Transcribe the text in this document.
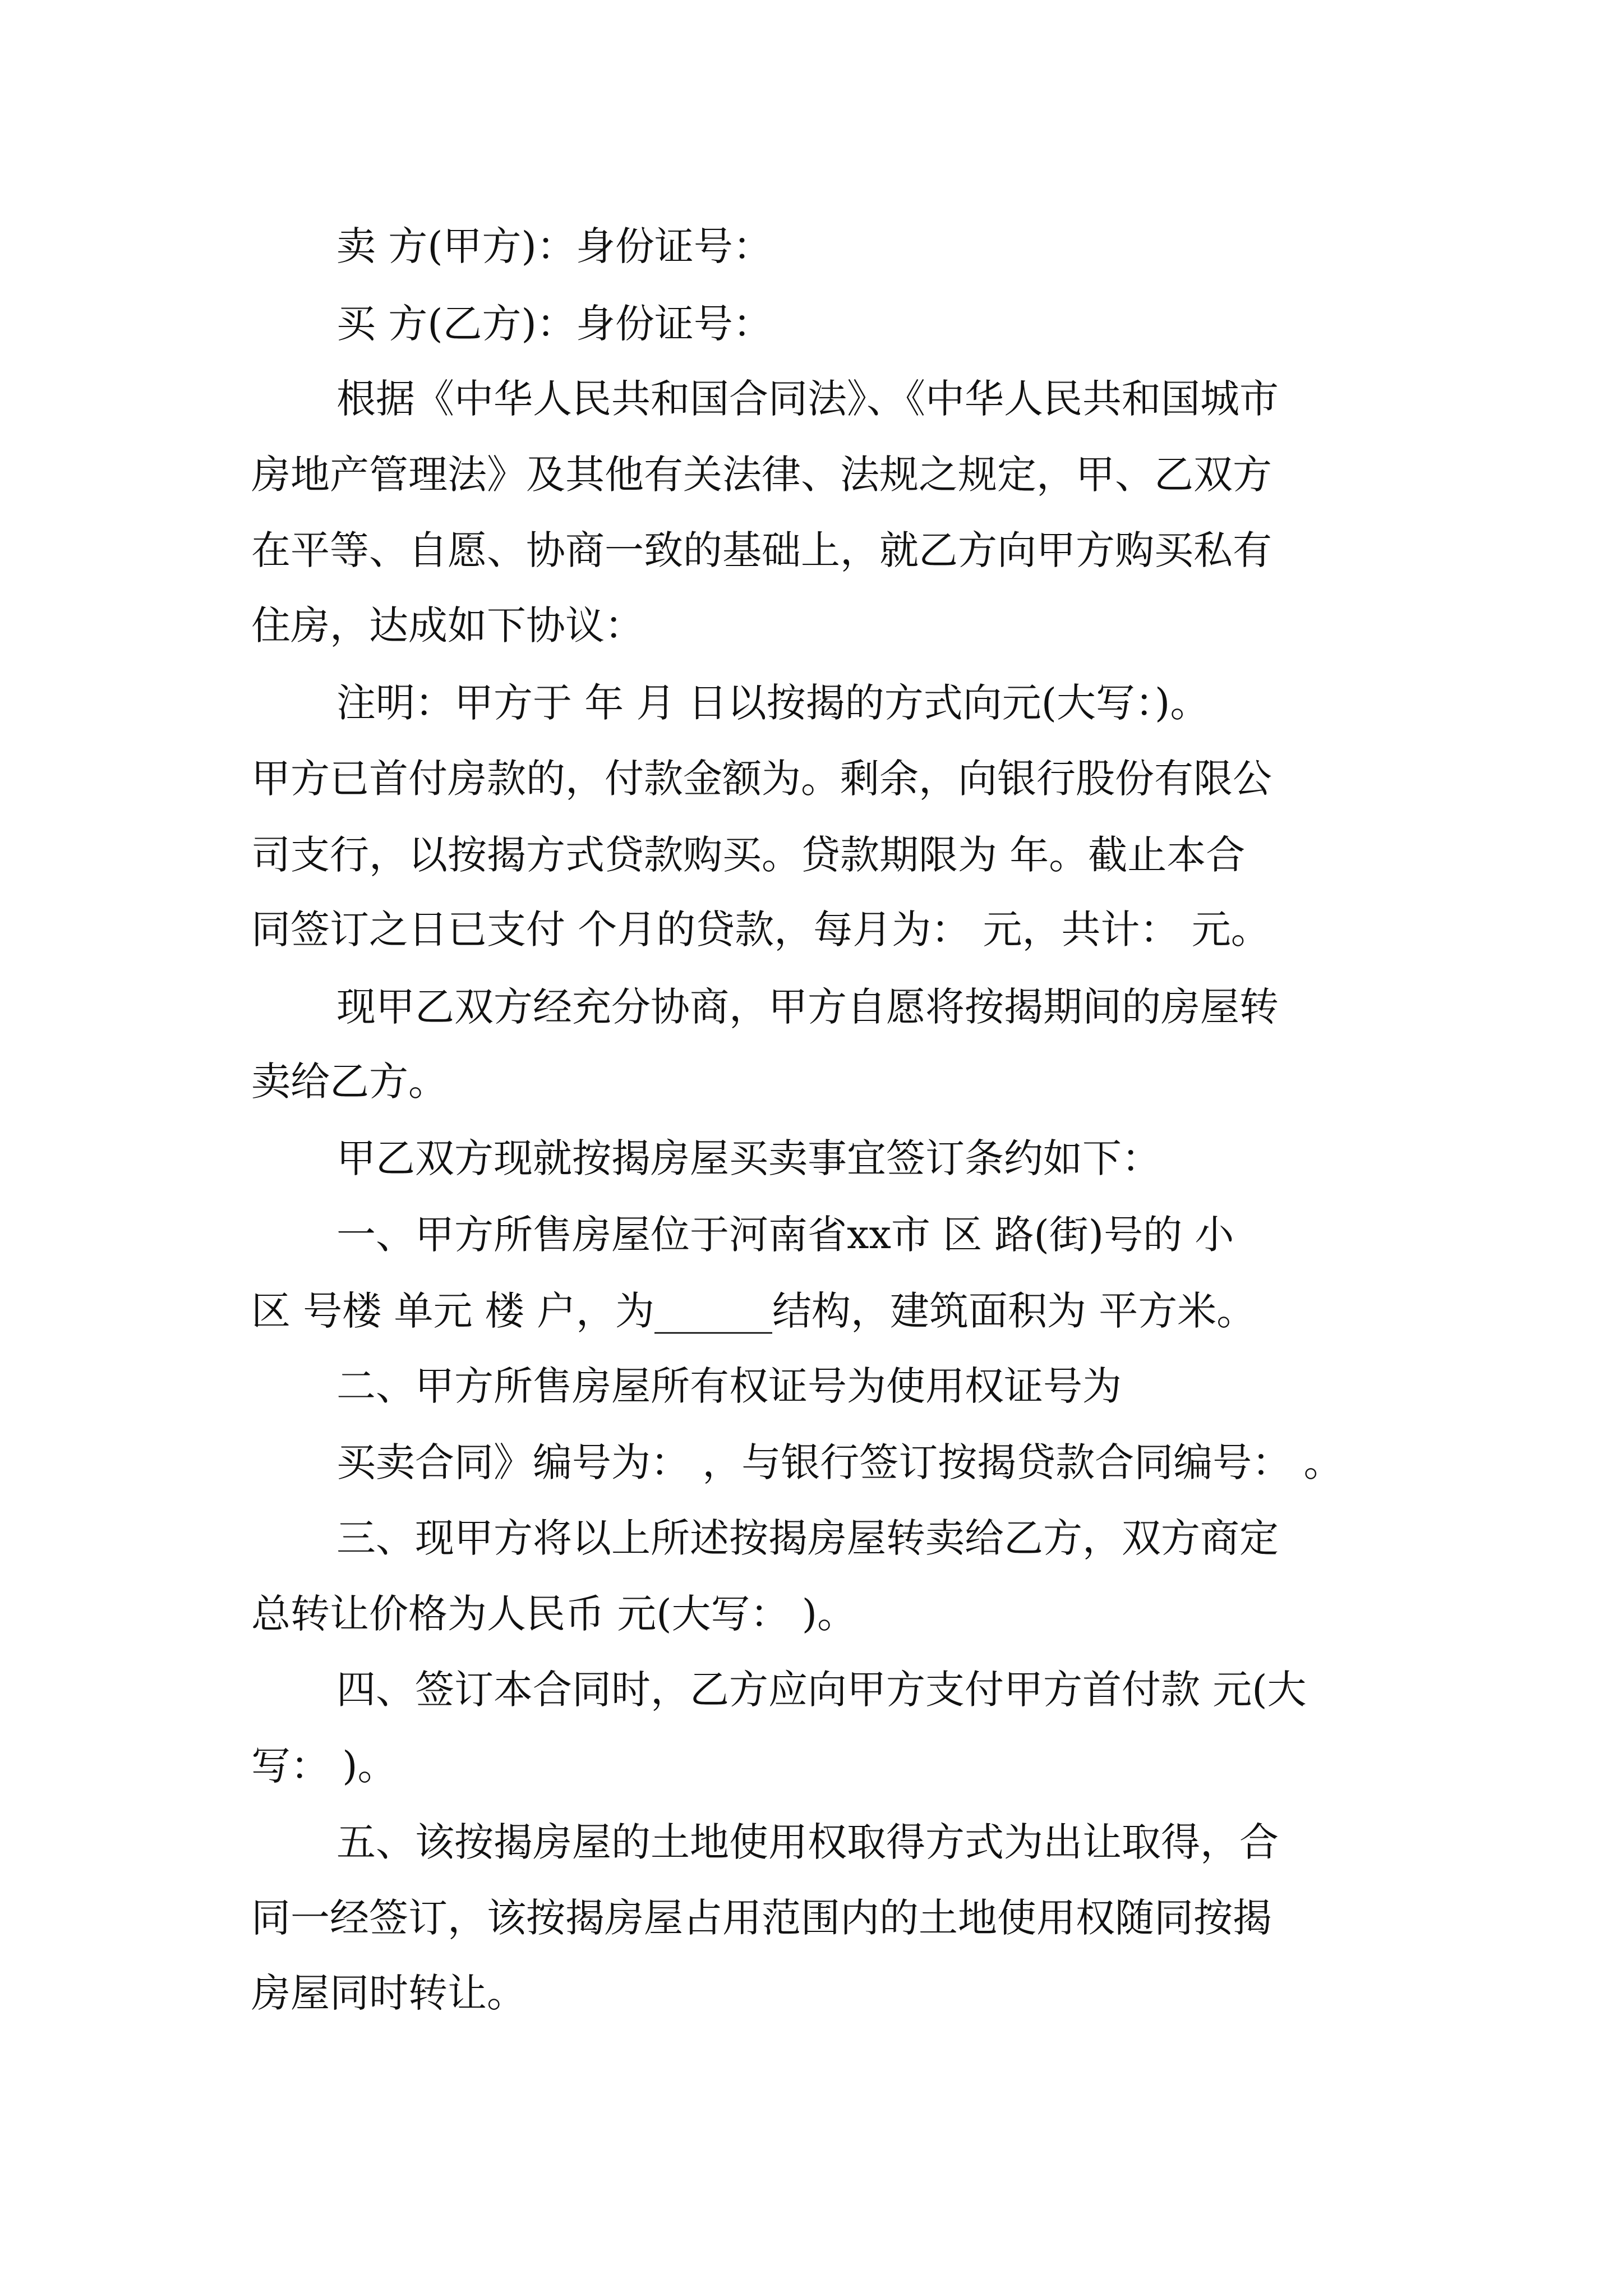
卖 方(甲方)：身份证号：

买 方(乙方)：身份证号：

根据《中华人民共和国合同法》、《中华人民共和国城市

房地产管理法》及其他有关法律、法规之规定，甲、乙双方

在平等、自愿、协商一致的基础上，就乙方向甲方购买私有

住房，达成如下协议：

注明：甲方于 年 月 日以按揭的方式向元(大写：)。

甲方已首付房款的，付款金额为。剩余，向银行股份有限公

司支行，以按揭方式贷款购买。贷款期限为 年。截止本合

同签订之日已支付 个月的贷款，每月为： 元，共计： 元。

现甲乙双方经充分协商，甲方自愿将按揭期间的房屋转

卖给乙方。

甲乙双方现就按揭房屋买卖事宜签订条约如下：

一、甲方所售房屋位于河南省xx市 区 路(街)号的 小

区 号楼 单元 楼 户，为______结构，建筑面积为 平方米。

二、甲方所售房屋所有权证号为使用权证号为

买卖合同》编号为： ，与银行签订按揭贷款合同编号： 。

三、现甲方将以上所述按揭房屋转卖给乙方，双方商定

总转让价格为人民币 元(大写： )。

四、签订本合同时，乙方应向甲方支付甲方首付款 元(大

写： )。

五、该按揭房屋的土地使用权取得方式为出让取得，合

同一经签订，该按揭房屋占用范围内的土地使用权随同按揭

房屋同时转让。
